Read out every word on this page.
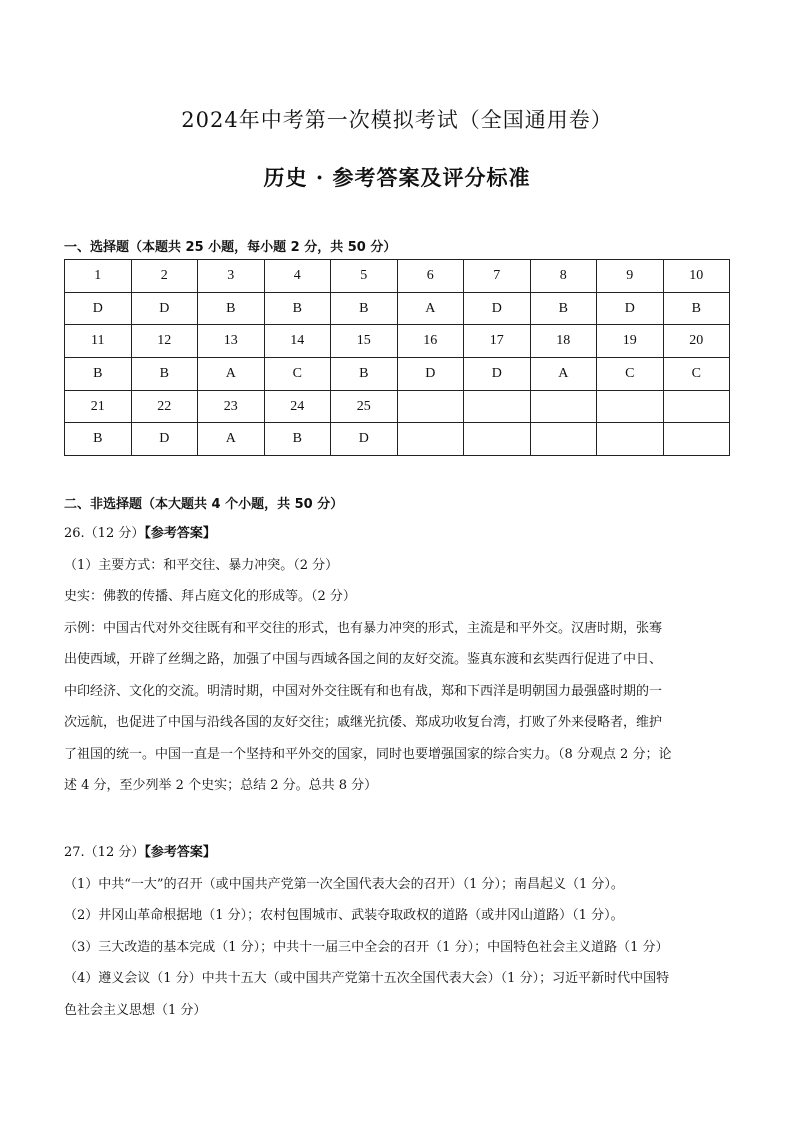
2024年中考第一次模拟考试（全国通用卷）
历史 · 参考答案及评分标准
一、选择题（本题共 25 小题，每小题 2 分，共 50 分）
1	2	3	4	5	6	7	8	9	10
D	D	B	B	B	A	D	B	D	B
11	12	13	14	15	16	17	18	19	20
B	B	A	C	B	D	D	A	C	C
21	22	23	24	25					
B	D	A	B	D					
二、非选择题（本大题共 4 个小题，共 50 分）
26.（12 分）【参考答案】
（1）主要方式：和平交往、暴力冲突。（2 分）
史实：佛教的传播、拜占庭文化的形成等。（2 分）
示例：中国古代对外交往既有和平交往的形式，也有暴力冲突的形式，主流是和平外交。汉唐时期，张骞
出使西域，开辟了丝绸之路，加强了中国与西域各国之间的友好交流。鉴真东渡和玄奘西行促进了中日、
中印经济、文化的交流。明清时期，中国对外交往既有和也有战，郑和下西洋是明朝国力最强盛时期的一
次远航，也促进了中国与沿线各国的友好交往；戚继光抗倭、郑成功收复台湾，打败了外来侵略者，维护
了祖国的统一。中国一直是一个坚持和平外交的国家，同时也要增强国家的综合实力。（8 分观点 2 分；论
述 4 分，至少列举 2 个史实；总结 2 分。总共 8 分）
27.（12 分）【参考答案】
（1）中共“一大”的召开（或中国共产党第一次全国代表大会的召开）（1 分）；南昌起义（1 分）。
（2）井冈山革命根据地（1 分）；农村包围城市、武装夺取政权的道路（或井冈山道路）（1 分）。
（3）三大改造的基本完成（1 分）；中共十一届三中全会的召开（1 分）；中国特色社会主义道路（1 分）
（4）遵义会议（1 分）中共十五大（或中国共产党第十五次全国代表大会）（1 分）；习近平新时代中国特
色社会主义思想（1 分）
